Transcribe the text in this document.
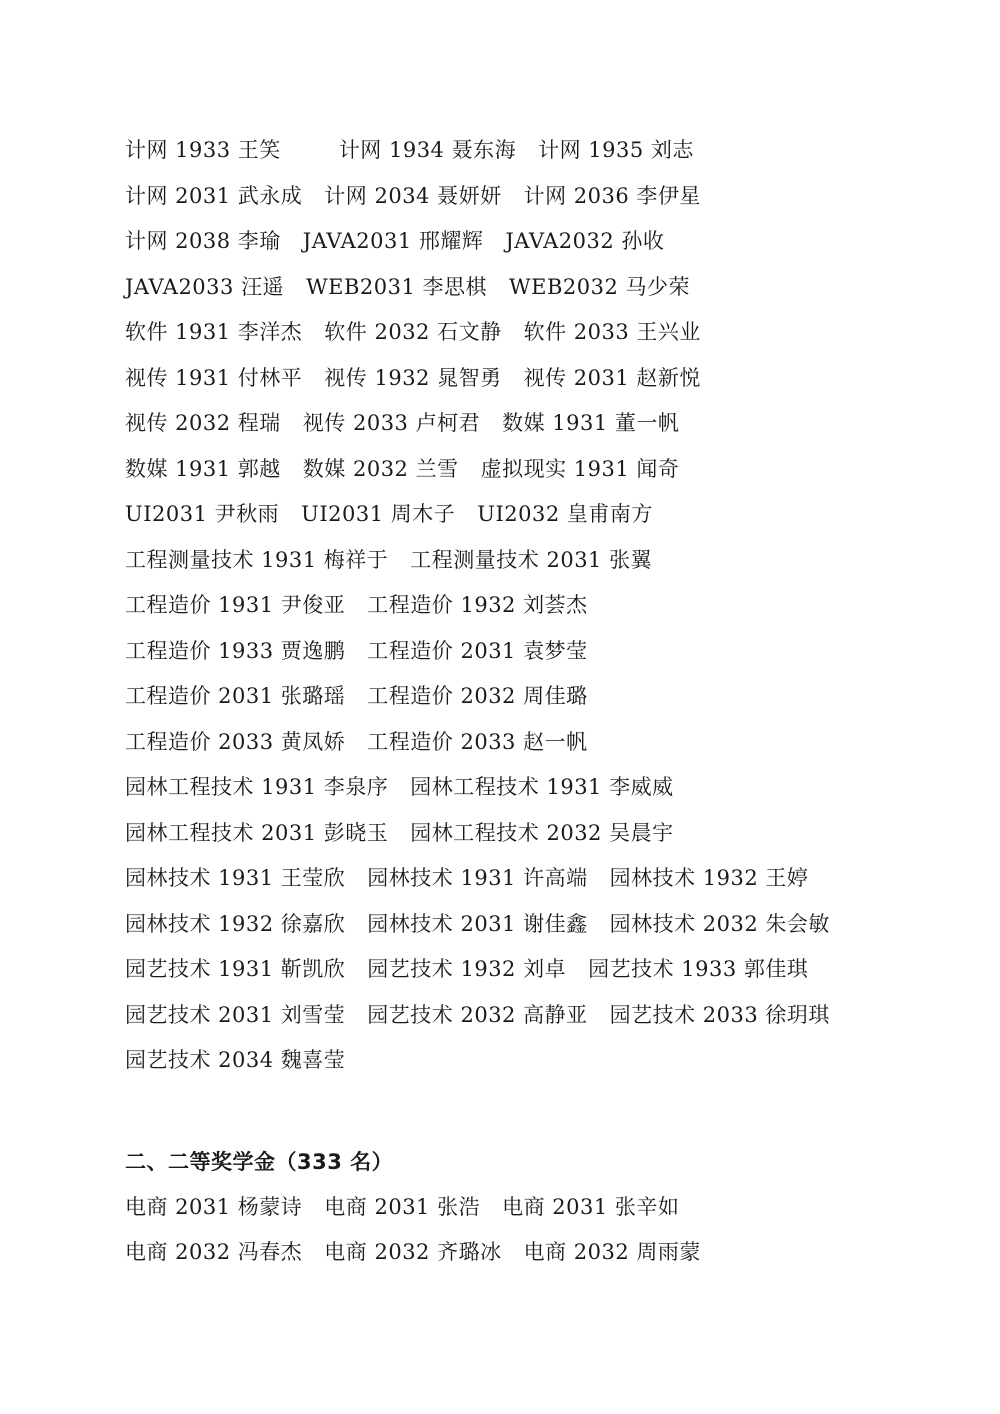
计网 1933 王笑	计网 1934 聂东海 计网 1935 刘志
计网 2031 武永成 计网 2034 聂妍妍 计网 2036 李伊星
计网 2038 李瑜 JAVA2031 邢耀辉 JAVA2032 孙收
JAVA2033 汪遥 WEB2031 李思棋 WEB2032 马少荣
软件 1931 李洋杰 软件 2032 石文静 软件 2033 王兴业
视传 1931 付林平 视传 1932 晁智勇 视传 2031 赵新悦
视传 2032 程瑞 视传 2033 卢柯君 数媒 1931 董一帆
数媒 1931 郭越 数媒 2032 兰雪 虚拟现实 1931 闻奇
UI2031 尹秋雨 UI2031 周木子 UI2032 皇甫南方
工程测量技术 1931 梅祥于 工程测量技术 2031 张翼
工程造价 1931 尹俊亚 工程造价 1932 刘荟杰
工程造价 1933 贾逸鹏 工程造价 2031 袁梦莹
工程造价 2031 张璐瑶 工程造价 2032 周佳璐
工程造价 2033 黄凤娇 工程造价 2033 赵一帆
园林工程技术 1931 李泉序 园林工程技术 1931 李威威
园林工程技术 2031 彭晓玉 园林工程技术 2032 吴晨宇
园林技术 1931 王莹欣 园林技术 1931 许高端 园林技术 1932 王婷
园林技术 1932 徐嘉欣 园林技术 2031 谢佳鑫 园林技术 2032 朱会敏
园艺技术 1931 靳凯欣 园艺技术 1932 刘卓 园艺技术 1933 郭佳琪
园艺技术 2031 刘雪莹 园艺技术 2032 高静亚 园艺技术 2033 徐玥琪
园艺技术 2034 魏喜莹
二、二等奖学金（333 名）
电商 2031 杨蒙诗 电商 2031 张浩 电商 2031 张辛如
电商 2032 冯春杰 电商 2032 齐璐冰 电商 2032 周雨蒙
